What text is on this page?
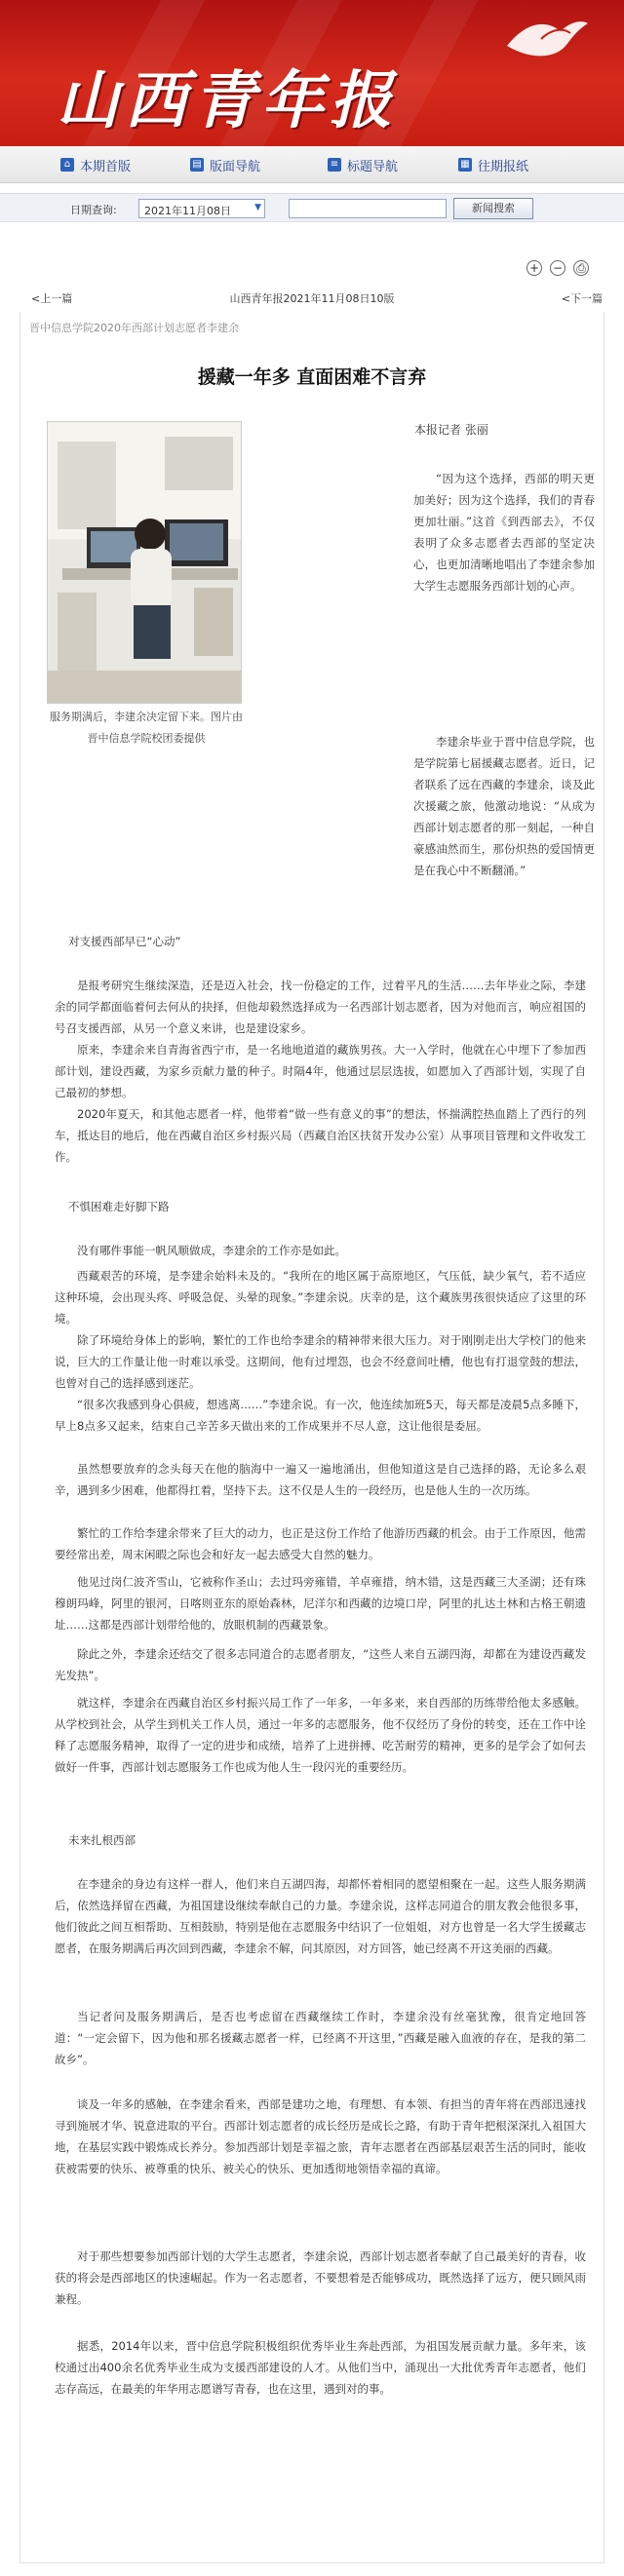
山西青年报
⌂ 本期首版	▤ 版面导航	≡ 标题导航	▦ 往期报纸
日期查询:	2021年11月08日	▼	新闻搜索
+ − ⎙
山西青年报2021年11月08日10版
<上一篇	<下一篇
晋中信息学院2020年西部计划志愿者李建余
援藏一年多 直面困难不言弃
服务期满后，李建余决定留下来。图片由晋中信息学院校团委提供
本报记者 张丽
“因为这个选择，西部的明天更加美好；因为这个选择，我们的青春更加壮丽。”这首《到西部去》，不仅表明了众多志愿者去西部的坚定决心，也更加清晰地唱出了李建余参加大学生志愿服务西部计划的心声。
李建余毕业于晋中信息学院，也是学院第七届援藏志愿者。近日，记者联系了远在西藏的李建余，谈及此次援藏之旅，他激动地说：“从成为西部计划志愿者的那一刻起，一种自豪感油然而生，那份炽热的爱国情更是在我心中不断翻涌。”
对支援西部早已“心动”
是报考研究生继续深造，还是迈入社会，找一份稳定的工作，过着平凡的生活……去年毕业之际，李建余的同学都面临着何去何从的抉择，但他却毅然选择成为一名西部计划志愿者，因为对他而言，响应祖国的号召支援西部，从另一个意义来讲，也是建设家乡。
原来，李建余来自青海省西宁市，是一名地地道道的藏族男孩。大一入学时，他就在心中埋下了参加西部计划，建设西藏，为家乡贡献力量的种子。时隔4年，他通过层层选拔，如愿加入了西部计划，实现了自己最初的梦想。
2020年夏天，和其他志愿者一样，他带着“做一些有意义的事”的想法，怀揣满腔热血踏上了西行的列车，抵达目的地后，他在西藏自治区乡村振兴局（西藏自治区扶贫开发办公室）从事项目管理和文件收发工作。
不惧困难走好脚下路
没有哪件事能一帆风顺做成，李建余的工作亦是如此。
西藏艰苦的环境，是李建余始料未及的。“我所在的地区属于高原地区，气压低，缺少氧气，若不适应这种环境，会出现头疼、呼吸急促、头晕的现象。”李建余说。庆幸的是，这个藏族男孩很快适应了这里的环境。
除了环境给身体上的影响，繁忙的工作也给李建余的精神带来很大压力。对于刚刚走出大学校门的他来说，巨大的工作量让他一时难以承受。这期间，他有过埋怨，也会不经意间吐槽，他也有打退堂鼓的想法，也曾对自己的选择感到迷茫。
“很多次我感到身心俱疲，想逃离……”李建余说。有一次，他连续加班5天，每天都是凌晨5点多睡下，早上8点多又起来，结束自己辛苦多天做出来的工作成果并不尽人意，这让他很是委屈。
虽然想要放弃的念头每天在他的脑海中一遍又一遍地涌出，但他知道这是自己选择的路，无论多么艰辛，遇到多少困难，他都得扛着，坚持下去。这不仅是人生的一段经历，也是他人生的一次历练。
繁忙的工作给李建余带来了巨大的动力，也正是这份工作给了他游历西藏的机会。由于工作原因，他需要经常出差，周末闲暇之际也会和好友一起去感受大自然的魅力。
他见过岗仁波齐雪山，它被称作圣山；去过玛旁雍错，羊卓雍措，纳木错，这是西藏三大圣湖；还有珠穆朗玛峰，阿里的银河，日喀则亚东的原始森林，尼洋尔和西藏的边境口岸，阿里的扎达土林和古格王朝遗址……这都是西部计划带给他的，放眼机制的西藏景象。
除此之外，李建余还结交了很多志同道合的志愿者朋友，“这些人来自五湖四海，却都在为建设西藏发光发热”。
就这样，李建余在西藏自治区乡村振兴局工作了一年多，一年多来，来自西部的历练带给他太多感触。从学校到社会，从学生到机关工作人员，通过一年多的志愿服务，他不仅经历了身份的转变，还在工作中诠释了志愿服务精神，取得了一定的进步和成绩，培养了上进拼搏、吃苦耐劳的精神，更多的是学会了如何去做好一件事，西部计划志愿服务工作也成为他人生一段闪光的重要经历。
未来扎根西部
在李建余的身边有这样一群人，他们来自五湖四海，却都怀着相同的愿望相聚在一起。这些人服务期满后，依然选择留在西藏，为祖国建设继续奉献自己的力量。李建余说，这样志同道合的朋友教会他很多事，他们彼此之间互相帮助、互相鼓励，特别是他在志愿服务中结识了一位姐姐，对方也曾是一名大学生援藏志愿者，在服务期满后再次回到西藏，李建余不解，问其原因，对方回答，她已经离不开这美丽的西藏。
当记者问及服务期满后，是否也考虑留在西藏继续工作时，李建余没有丝毫犹豫，很肯定地回答道：“一定会留下，因为他和那名援藏志愿者一样，已经离不开这里，”西藏是融入血液的存在，是我的第二故乡”。
谈及一年多的感触，在李建余看来，西部是建功之地，有理想、有本领、有担当的青年将在西部迅速找寻到施展才华、锐意进取的平台。西部计划志愿者的成长经历是成长之路，有助于青年把根深深扎入祖国大地，在基层实践中锻炼成长养分。参加西部计划是幸福之旅，青年志愿者在西部基层艰苦生活的同时，能收获被需要的快乐、被尊重的快乐、被关心的快乐、更加透彻地领悟幸福的真谛。
对于那些想要参加西部计划的大学生志愿者，李建余说，西部计划志愿者奉献了自己最美好的青春，收获的将会是西部地区的快速崛起。作为一名志愿者，不要想着是否能够成功，既然选择了远方，便只顾风雨兼程。
据悉，2014年以来，晋中信息学院积极组织优秀毕业生奔赴西部，为祖国发展贡献力量。多年来，该校通过出400余名优秀毕业生成为支援西部建设的人才。从他们当中，涌现出一大批优秀青年志愿者，他们志存高远，在最美的年华用志愿谱写青春，也在这里，遇到对的事。
